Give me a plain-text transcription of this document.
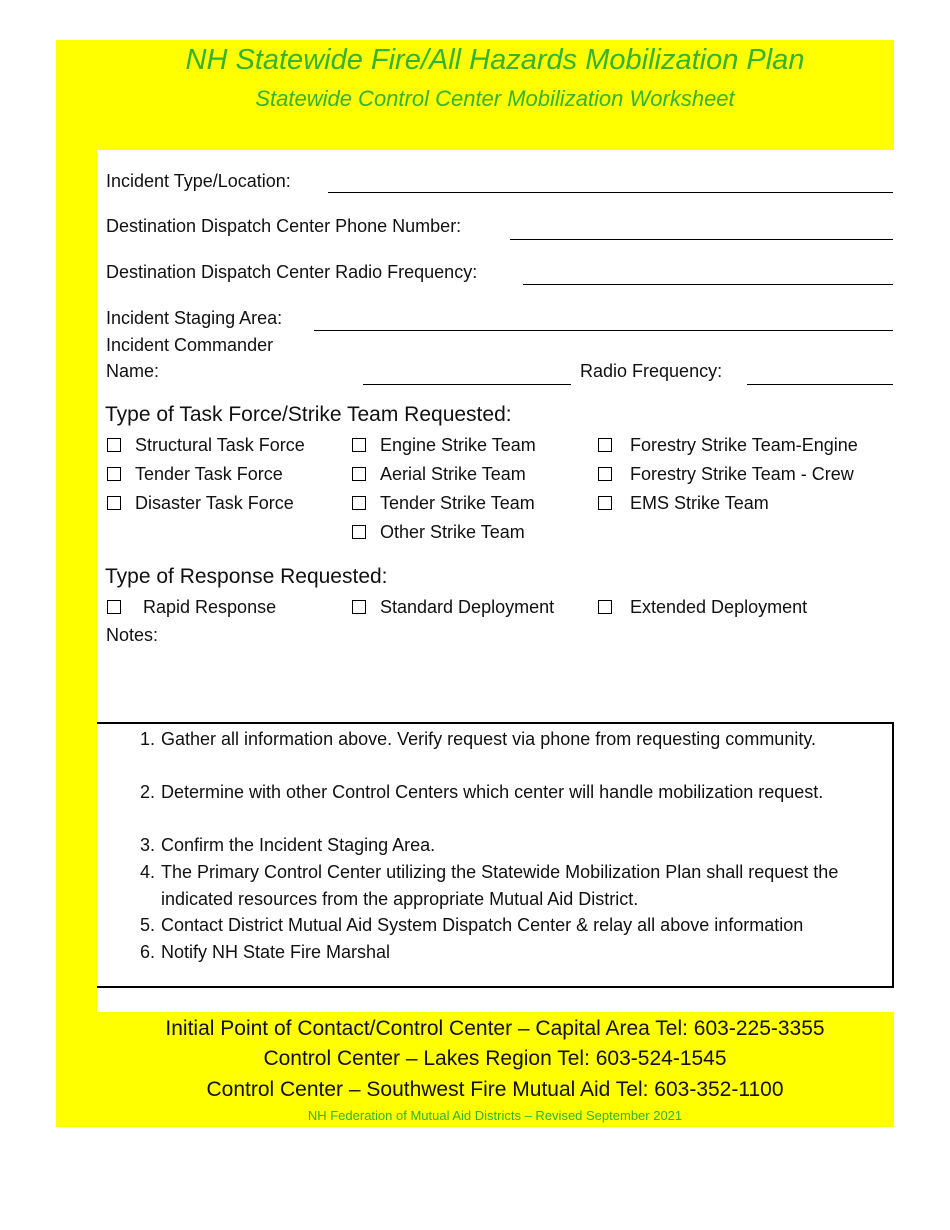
NH Statewide Fire/All Hazards Mobilization Plan
Statewide Control Center Mobilization Worksheet
Incident Type/Location:
Destination Dispatch Center Phone Number:
Destination Dispatch Center Radio Frequency:
Incident Staging Area:
Incident Commander
Name:	Radio Frequency:
Type of Task Force/Strike Team Requested:
Structural Task Force
Tender Task Force
Disaster Task Force
Engine Strike Team
Aerial Strike Team
Tender Strike Team
Other Strike Team
Forestry Strike Team-Engine
Forestry Strike Team - Crew
EMS Strike Team
Type of Response Requested:
Rapid Response	Standard Deployment	Extended Deployment
Notes:
1. Gather all information above. Verify request via phone from requesting community.
2. Determine with other Control Centers which center will handle mobilization request.
3. Confirm the Incident Staging Area.
4. The Primary Control Center utilizing the Statewide Mobilization Plan shall request the indicated resources from the appropriate Mutual Aid District.
5. Contact District Mutual Aid System Dispatch Center & relay all above information
6. Notify NH State Fire Marshal
Initial Point of Contact/Control Center – Capital Area Tel: 603-225-3355
Control Center – Lakes Region Tel: 603-524-1545
Control Center – Southwest Fire Mutual Aid Tel: 603-352-1100
NH Federation of Mutual Aid Districts – Revised September 2021
